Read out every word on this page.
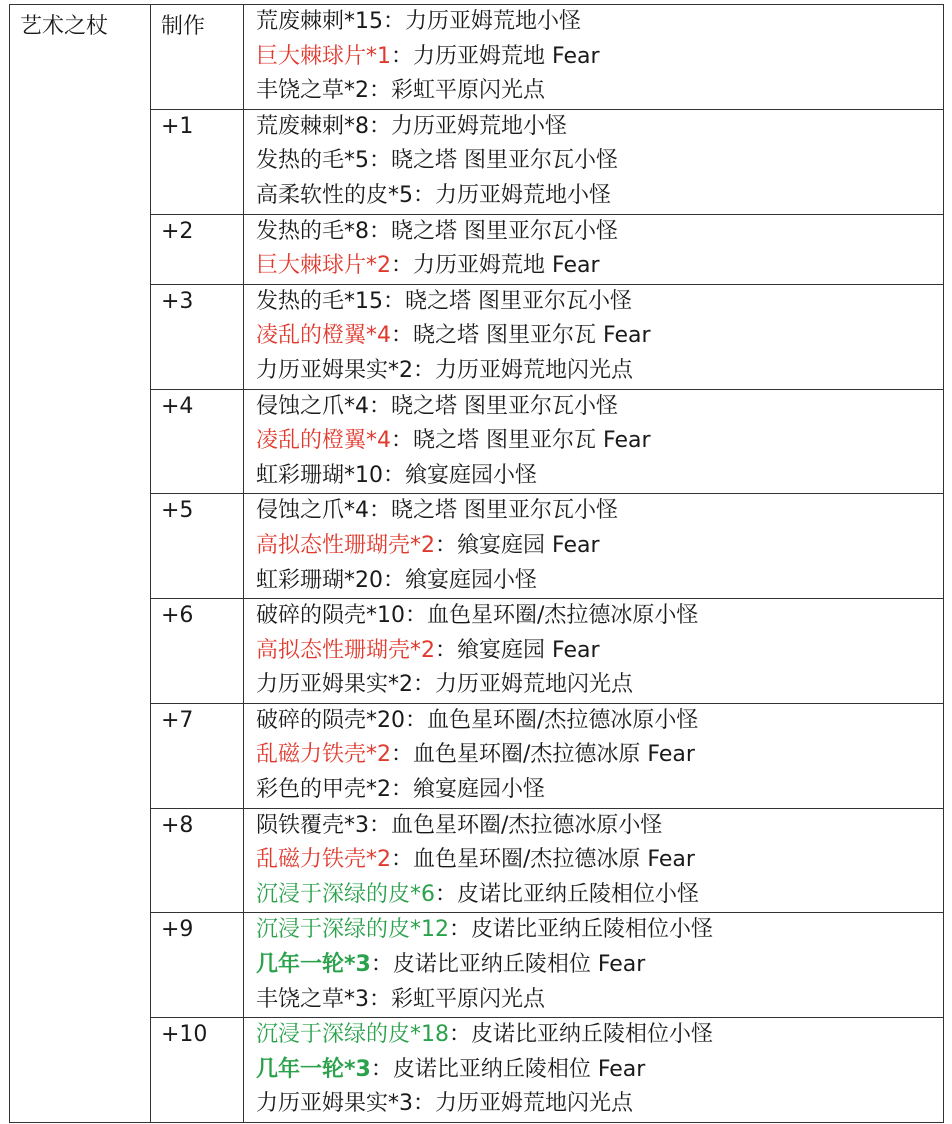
艺术之杖	制作	荒废棘刺*15：力历亚姆荒地小怪
巨大棘球片*1：力历亚姆荒地 Fear
丰饶之草*2：彩虹平原闪光点

	+1	荒废棘刺*8：力历亚姆荒地小怪
发热的毛*5：晓之塔 图里亚尔瓦小怪
高柔软性的皮*5：力历亚姆荒地小怪

	+2	发热的毛*8：晓之塔 图里亚尔瓦小怪
巨大棘球片*2：力历亚姆荒地 Fear

	+3	发热的毛*15：晓之塔 图里亚尔瓦小怪
凌乱的橙翼*4：晓之塔 图里亚尔瓦 Fear
力历亚姆果实*2：力历亚姆荒地闪光点

	+4	侵蚀之爪*4：晓之塔 图里亚尔瓦小怪
凌乱的橙翼*4：晓之塔 图里亚尔瓦 Fear
虹彩珊瑚*10：飨宴庭园小怪

	+5	侵蚀之爪*4：晓之塔 图里亚尔瓦小怪
高拟态性珊瑚壳*2：飨宴庭园 Fear
虹彩珊瑚*20：飨宴庭园小怪

	+6	破碎的陨壳*10：血色星环圈/杰拉德冰原小怪
高拟态性珊瑚壳*2：飨宴庭园 Fear
力历亚姆果实*2：力历亚姆荒地闪光点

	+7	破碎的陨壳*20：血色星环圈/杰拉德冰原小怪
乱磁力铁壳*2：血色星环圈/杰拉德冰原 Fear
彩色的甲壳*2：飨宴庭园小怪

	+8	陨铁覆壳*3：血色星环圈/杰拉德冰原小怪
乱磁力铁壳*2：血色星环圈/杰拉德冰原 Fear
沉浸于深绿的皮*6：皮诺比亚纳丘陵相位小怪

	+9	沉浸于深绿的皮*12：皮诺比亚纳丘陵相位小怪
几年一轮*3：皮诺比亚纳丘陵相位 Fear
丰饶之草*3：彩虹平原闪光点

	+10	沉浸于深绿的皮*18：皮诺比亚纳丘陵相位小怪
几年一轮*3：皮诺比亚纳丘陵相位 Fear
力历亚姆果实*3：力历亚姆荒地闪光点
